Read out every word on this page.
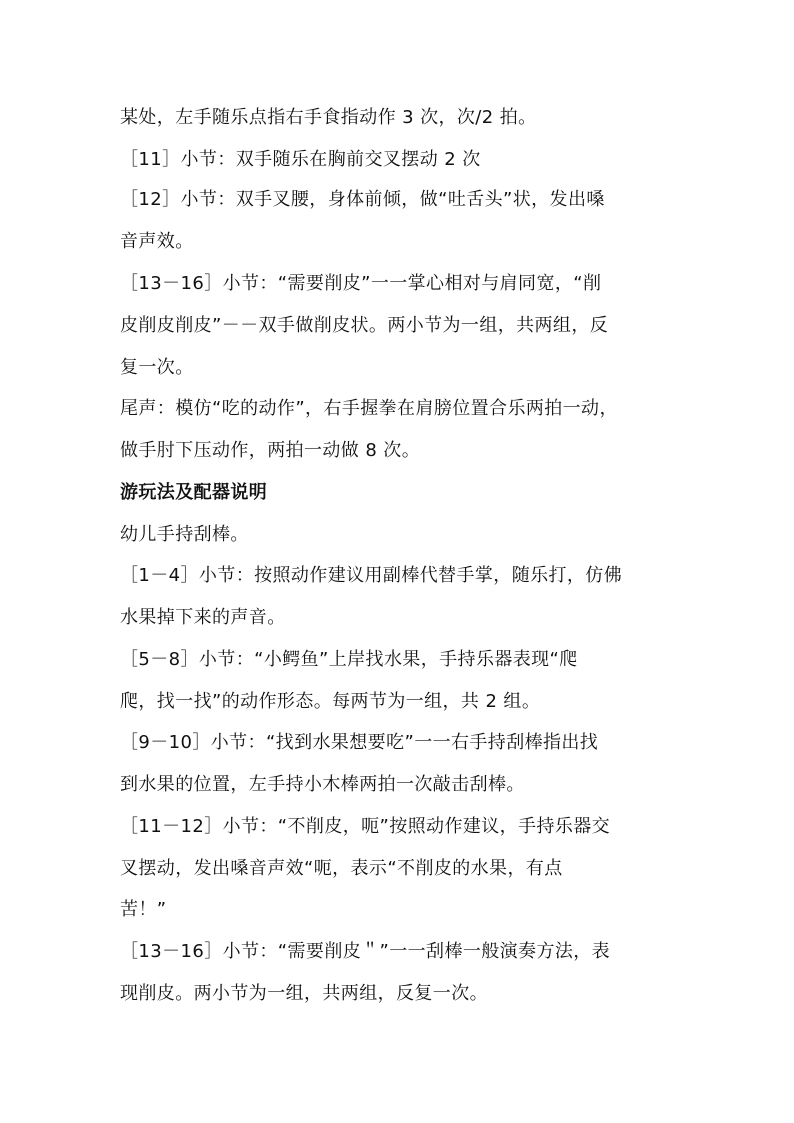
某处，左手随乐点指右手食指动作 3 次，次/2 拍。
［11］小节：双手随乐在胸前交叉摆动 2 次
［12］小节：双手叉腰，身体前倾，做“吐舌头”状，发出嗓
音声效。
［13－16］小节：“需要削皮”一一掌心相对与肩同宽，“削
皮削皮削皮”－－双手做削皮状。两小节为一组，共两组，反
复一次。
尾声：模仿“吃的动作”，右手握拳在肩膀位置合乐两拍一动，
做手肘下压动作，两拍一动做 8 次。
游玩法及配器说明
幼儿手持刮棒。
［1－4］小节：按照动作建议用副棒代替手掌，随乐打，仿佛
水果掉下来的声音。
［5－8］小节：“小鳄鱼”上岸找水果，手持乐器表现“爬
爬，找一找”的动作形态。每两节为一组，共 2 组。
［9－10］小节：“找到水果想要吃”一一右手持刮棒指出找
到水果的位置，左手持小木棒两拍一次敲击刮棒。
［11－12］小节：“不削皮，呃”按照动作建议，手持乐器交
叉摆动，发出嗓音声效“呃，表示“不削皮的水果，有点
苦！”
［13－16］小节：“需要削皮＂”一一刮棒一般演奏方法，表
现削皮。两小节为一组，共两组，反复一次。
